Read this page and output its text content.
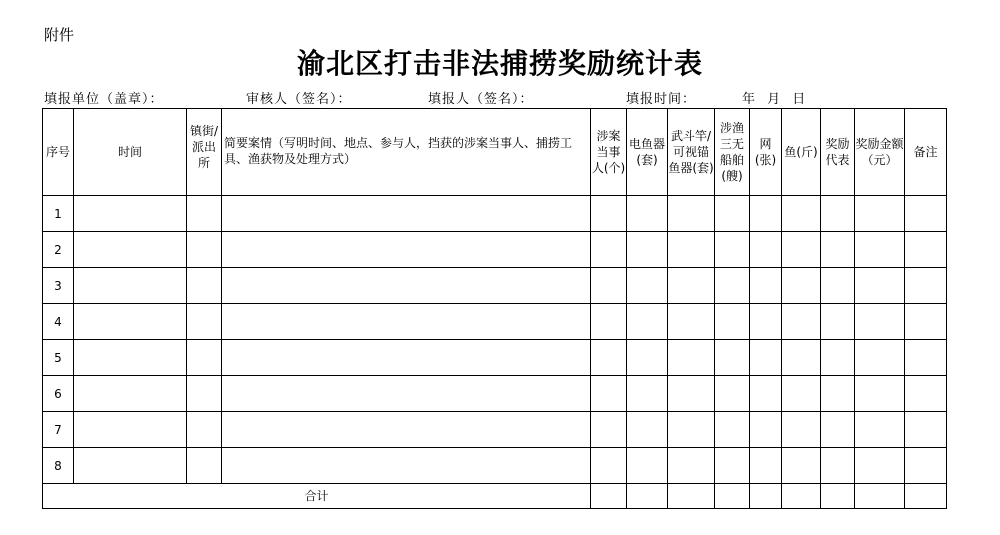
附件
渝北区打击非法捕捞奖励统计表
填报单位（盖章）：	审核人（签名）：	填报人（签名）：	填报时间：	年 月 日
序号	时间	镇街/派出所	简要案情（写明时间、地点、参与人，挡获的涉案当事人、捕捞工具、渔获物及处理方式）	涉案当事人(个)	电鱼器(套)	武斗竿/可视锚鱼器(套)	涉渔三无船舶(艘)	网(张)	鱼(斤)	奖励代表	奖励金额（元）	备注
1												
2												
3												
4												
5												
6												
7												
8												
合计												
